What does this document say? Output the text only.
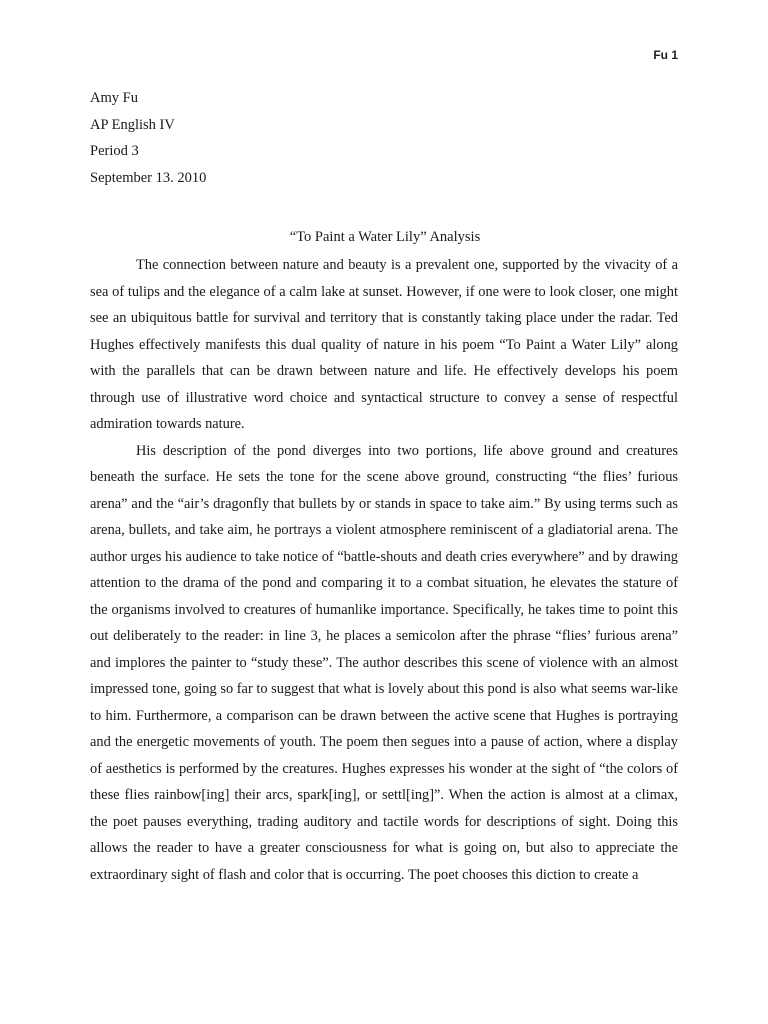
Fu 1
Amy Fu
AP English IV
Period 3
September 13. 2010
“To Paint a Water Lily” Analysis

The connection between nature and beauty is a prevalent one, supported by the vivacity of a sea of tulips and the elegance of a calm lake at sunset. However, if one were to look closer, one might see an ubiquitous battle for survival and territory that is constantly taking place under the radar. Ted Hughes effectively manifests this dual quality of nature in his poem “To Paint a Water Lily” along with the parallels that can be drawn between nature and life. He effectively develops his poem through use of illustrative word choice and syntactical structure to convey a sense of respectful admiration towards nature.

His description of the pond diverges into two portions, life above ground and creatures beneath the surface. He sets the tone for the scene above ground, constructing “the flies’ furious arena” and the “air’s dragonfly that bullets by or stands in space to take aim.” By using terms such as arena, bullets, and take aim, he portrays a violent atmosphere reminiscent of a gladiatorial arena. The author urges his audience to take notice of “battle-shouts and death cries everywhere” and by drawing attention to the drama of the pond and comparing it to a combat situation, he elevates the stature of the organisms involved to creatures of humanlike importance. Specifically, he takes time to point this out deliberately to the reader: in line 3, he places a semicolon after the phrase “flies’ furious arena” and implores the painter to “study these”. The author describes this scene of violence with an almost impressed tone, going so far to suggest that what is lovely about this pond is also what seems war-like to him. Furthermore, a comparison can be drawn between the active scene that Hughes is portraying and the energetic movements of youth. The poem then segues into a pause of action, where a display of aesthetics is performed by the creatures. Hughes expresses his wonder at the sight of “the colors of these flies rainbow[ing] their arcs, spark[ing], or settl[ing]”. When the action is almost at a climax, the poet pauses everything, trading auditory and tactile words for descriptions of sight. Doing this allows the reader to have a greater consciousness for what is going on, but also to appreciate the extraordinary sight of flash and color that is occurring. The poet chooses this diction to create a
